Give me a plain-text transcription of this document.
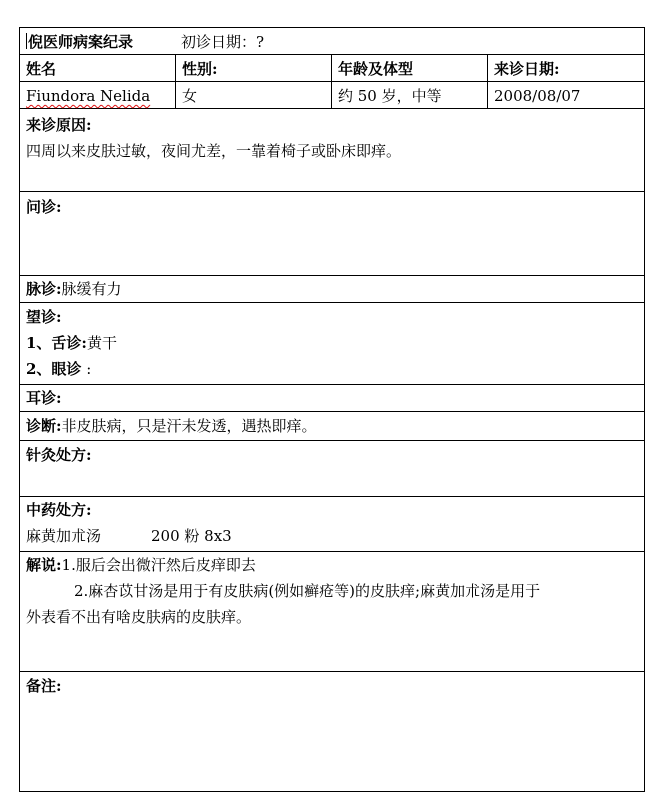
倪医师病案纪录	初诊日期：?
姓名	性别:	年龄及体型	来诊日期:
Fiundora Nelida	女	约 50 岁，中等	2008/08/07
来诊原因:
四周以来皮肤过敏，夜间尤差，一靠着椅子或卧床即痒。
问诊:
脉诊:脉缓有力
望诊:
1、舌诊:黄干
2、眼诊 :
耳诊:
诊断:非皮肤病，只是汗未发透，遇热即痒。
针灸处方:
中药处方:
麻黄加朮汤	200 粉 8x3
解说:1.服后会出微汗然后皮痒即去
2.麻杏苡甘汤是用于有皮肤病(例如癣疮等)的皮肤痒;麻黄加朮汤是用于
外表看不出有啥皮肤病的皮肤痒。
备注:
